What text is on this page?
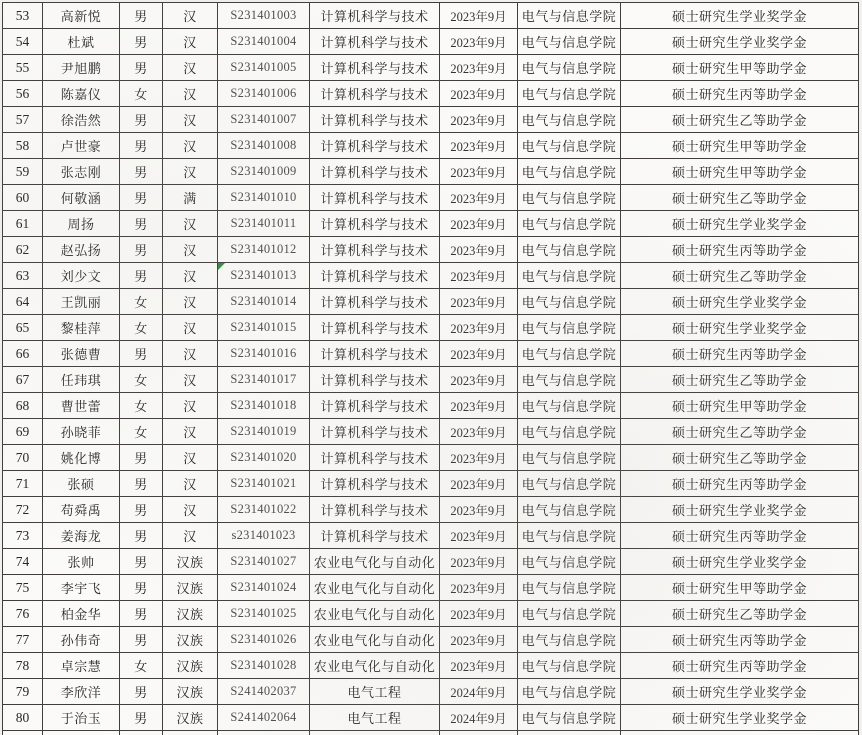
53	高新悦	男	汉	S231401003	计算机科学与技术	2023年9月	电气与信息学院	硕士研究生学业奖学金
54	杜斌	男	汉	S231401004	计算机科学与技术	2023年9月	电气与信息学院	硕士研究生学业奖学金
55	尹旭鹏	男	汉	S231401005	计算机科学与技术	2023年9月	电气与信息学院	硕士研究生甲等助学金
56	陈嘉仪	女	汉	S231401006	计算机科学与技术	2023年9月	电气与信息学院	硕士研究生丙等助学金
57	徐浩然	男	汉	S231401007	计算机科学与技术	2023年9月	电气与信息学院	硕士研究生乙等助学金
58	卢世豪	男	汉	S231401008	计算机科学与技术	2023年9月	电气与信息学院	硕士研究生甲等助学金
59	张志刚	男	汉	S231401009	计算机科学与技术	2023年9月	电气与信息学院	硕士研究生甲等助学金
60	何敬涵	男	满	S231401010	计算机科学与技术	2023年9月	电气与信息学院	硕士研究生乙等助学金
61	周扬	男	汉	S231401011	计算机科学与技术	2023年9月	电气与信息学院	硕士研究生学业奖学金
62	赵弘扬	男	汉	S231401012	计算机科学与技术	2023年9月	电气与信息学院	硕士研究生丙等助学金
63	刘少文	男	汉	S231401013	计算机科学与技术	2023年9月	电气与信息学院	硕士研究生乙等助学金
64	王凯丽	女	汉	S231401014	计算机科学与技术	2023年9月	电气与信息学院	硕士研究生学业奖学金
65	黎桂萍	女	汉	S231401015	计算机科学与技术	2023年9月	电气与信息学院	硕士研究生学业奖学金
66	张德曹	男	汉	S231401016	计算机科学与技术	2023年9月	电气与信息学院	硕士研究生丙等助学金
67	任玮琪	女	汉	S231401017	计算机科学与技术	2023年9月	电气与信息学院	硕士研究生乙等助学金
68	曹世蕾	女	汉	S231401018	计算机科学与技术	2023年9月	电气与信息学院	硕士研究生甲等助学金
69	孙晓菲	女	汉	S231401019	计算机科学与技术	2023年9月	电气与信息学院	硕士研究生乙等助学金
70	姚化博	男	汉	S231401020	计算机科学与技术	2023年9月	电气与信息学院	硕士研究生乙等助学金
71	张硕	男	汉	S231401021	计算机科学与技术	2023年9月	电气与信息学院	硕士研究生丙等助学金
72	苟舜禹	男	汉	S231401022	计算机科学与技术	2023年9月	电气与信息学院	硕士研究生学业奖学金
73	姜海龙	男	汉	s231401023	计算机科学与技术	2023年9月	电气与信息学院	硕士研究生丙等助学金
74	张帅	男	汉族	S231401027	农业电气化与自动化	2023年9月	电气与信息学院	硕士研究生学业奖学金
75	李宇飞	男	汉族	S231401024	农业电气化与自动化	2023年9月	电气与信息学院	硕士研究生甲等助学金
76	柏金华	男	汉族	S231401025	农业电气化与自动化	2023年9月	电气与信息学院	硕士研究生乙等助学金
77	孙伟奇	男	汉族	S231401026	农业电气化与自动化	2023年9月	电气与信息学院	硕士研究生丙等助学金
78	卓宗慧	女	汉族	S231401028	农业电气化与自动化	2023年9月	电气与信息学院	硕士研究生丙等助学金
79	李欣洋	男	汉族	S241402037	电气工程	2024年9月	电气与信息学院	硕士研究生学业奖学金
80	于治玉	男	汉族	S241402064	电气工程	2024年9月	电气与信息学院	硕士研究生学业奖学金
